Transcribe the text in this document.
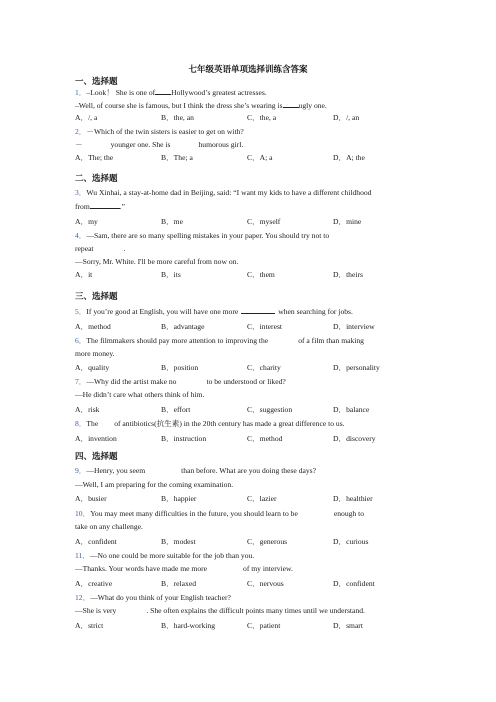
七年级英语单项选择训练含答案
一、选择题
1．–Look！ She is one of Hollywood’s greatest actresses.
–Well, of course she is famous, but I think the dress she’s wearing is ugly one.
A．/, a	B．the, an	C．the, a	D．/, an
2．－Which of the twin sisters is easier to get on with?
－	younger one. She is	humorous girl.
A．The; the	B．The; a	C．A; a	D．A; the
二、选择题
3．Wu Xinhai, a stay-at-home dad in Beijing, said: “I want my kids to have a different childhood
from	.”
A．my	B．me	C．myself	D．mine
4．—Sam, there are so many spelling mistakes in your paper. You should try not to
repeat	.
—Sorry, Mr. White. I'll be more careful from now on.
A．it	B．its	C．them	D．theirs
三、选择题
5．If you’re good at English, you will have one more	when searching for jobs.
A．method	B．advantage	C．interest	D．interview
6．The filmmakers should pay more attention to improving the	of a film than making
more money.
A．quality	B．position	C．charity	D．personality
7．—Why did the artist make no	to be understood or liked?
—He didn’t care what others think of him.
A．risk	B．effort	C．suggestion	D．balance
8．The of antibiotics(抗生素) in the 20th century has made a great difference to us.
A．invention	B．instruction	C．method	D．discovery
四、选择题
9．—Henry, you seem	than before. What are you doing these days?
—Well, I am preparing for the coming examination.
A．busier	B．happier	C．lazier	D．healthier
10．You may meet many difficulties in the future, you should learn to be	enough to
take on any challenge.
A．confident	B．modest	C．generous	D．curious
11．—No one could be more suitable for the job than you.
—Thanks. Your words have made me more	of my interview.
A．creative	B．relaxed	C．nervous	D．confident
12．—What do you think of your English teacher?
—She is very	. She often explains the difficult points many times until we understand.
A．strict	B．hard-working	C．patient	D．smart
